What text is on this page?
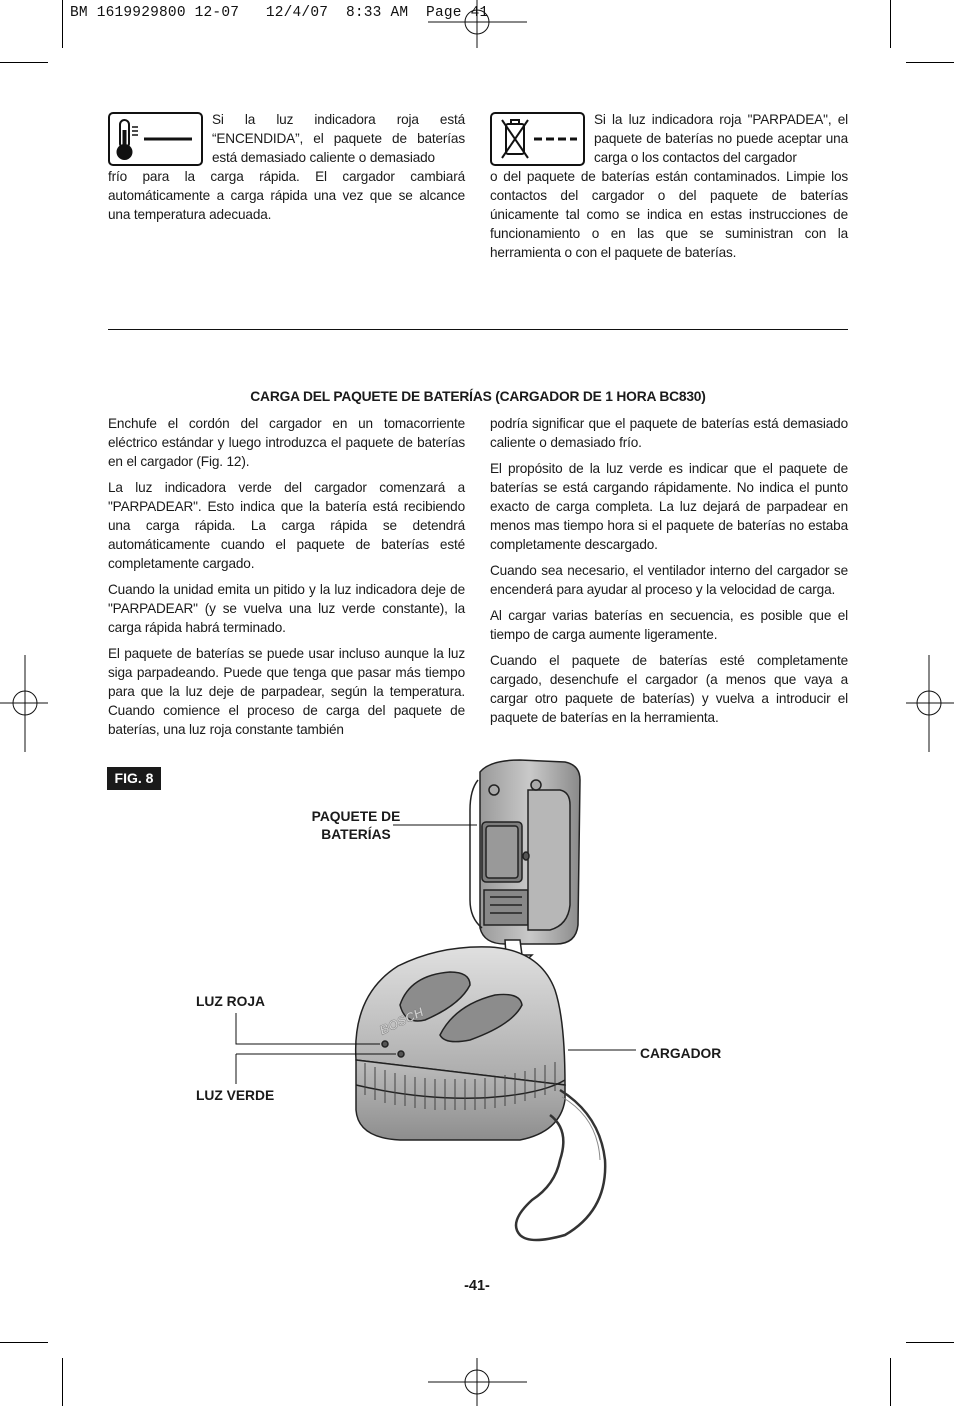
BM 1619929800 12-07   12/4/07  8:33 AM  Page 41

Si la luz indicadora roja está “ENCENDIDA”, el paquete de baterías está demasiado caliente o demasiado

frío para la carga rápida. El cargador cambiará automáticamente a carga rápida una vez que se alcance una temperatura adecuada.

Si la luz indicadora roja "PARPADEA", el paquete de baterías no puede aceptar una carga o los contactos del cargador

o del paquete de baterías están contaminados. Limpie los contactos del cargador o del paquete de baterías únicamente tal como se indica en estas instrucciones de funcionamiento o en las que se suministran con la herramienta o con el paquete de baterías.

CARGA DEL PAQUETE DE BATERÍAS (CARGADOR DE 1 HORA BC830)

Enchufe el cordón del cargador en un tomacorriente eléctrico estándar y luego introduzca el paquete de baterías en el cargador (Fig. 12).

La luz indicadora verde del cargador comenzará a "PARPADEAR". Esto indica que la batería está recibiendo una carga rápida. La carga rápida se detendrá automáticamente cuando el paquete de baterías esté completamente cargado.

Cuando la unidad emita un pitido y la luz indicadora deje de "PARPADEAR" (y se vuelva una luz verde constante), la carga rápida habrá terminado.

El paquete de baterías se puede usar incluso aunque la luz siga parpadeando. Puede que tenga que pasar más tiempo para que la luz deje de parpadear, según la temperatura. Cuando comience el proceso de carga del paquete de baterías, una luz roja constante también

podría significar que el paquete de baterías está demasiado caliente o demasiado frío.

El propósito de la luz verde es indicar que el paquete de baterías se está cargando rápidamente. No indica el punto exacto de carga completa. La luz dejará de parpadear en menos mas tiempo hora si el paquete de baterías no estaba completamente descargado.

Cuando sea necesario, el ventilador interno del cargador se encenderá para ayudar al proceso y la velocidad de carga.

Al cargar varias baterías en secuencia, es posible que el tiempo de carga aumente ligeramente.

Cuando el paquete de baterías esté completamente cargado, desenchufe el cargador (a menos que vaya a cargar otro paquete de baterías) y vuelva a introducir el paquete de baterías en la herramienta.

FIG. 8
BOSCH
PAQUETE DE
BATERÍAS
LUZ ROJA
LUZ VERDE
CARGADOR
-41-
